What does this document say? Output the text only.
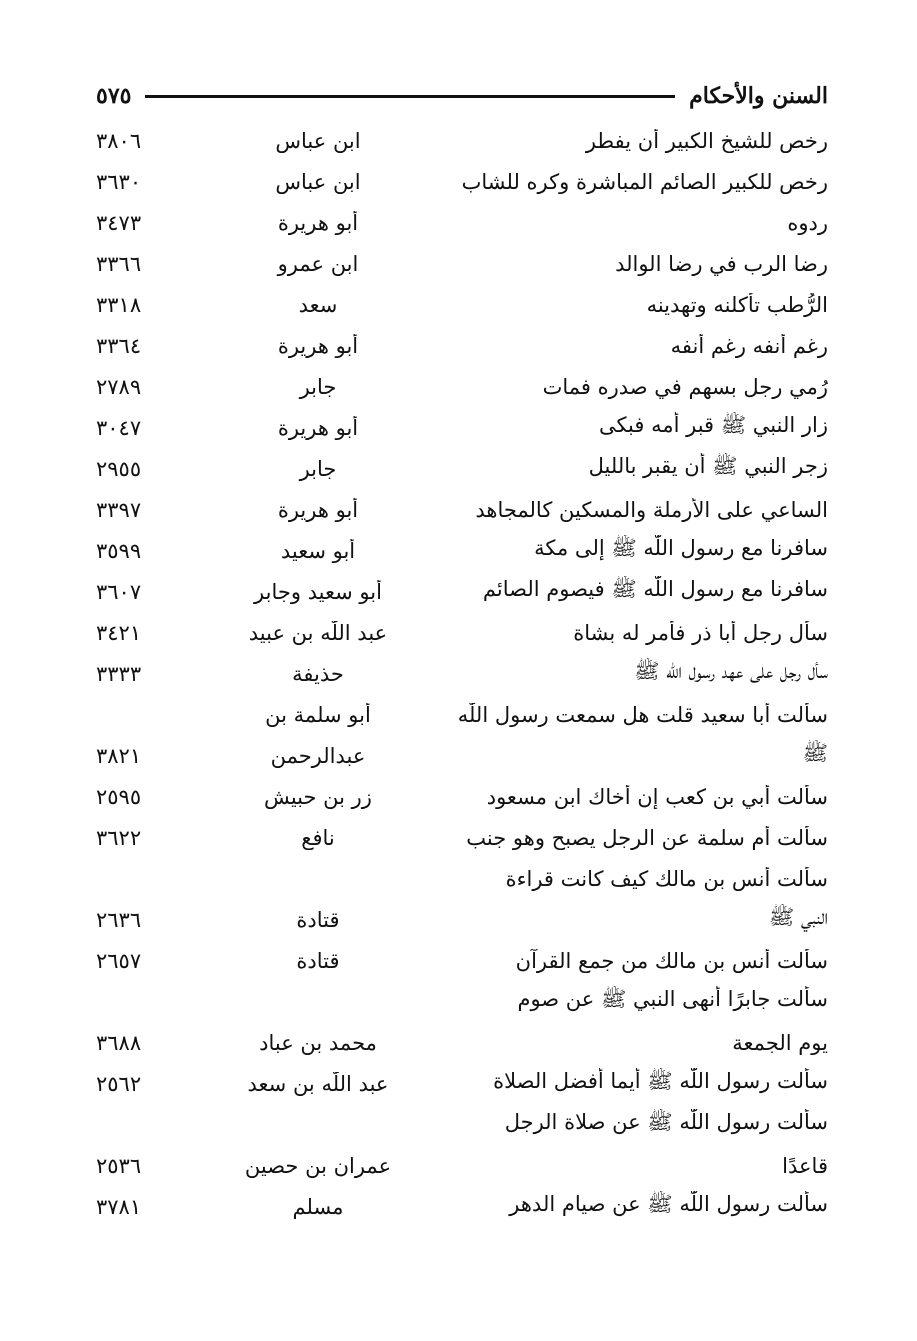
السنن والأحكام
٥٧٥
رخص للشيخ الكبير أن يفطر
ابن عباس
٣٨٠٦
رخص للكبير الصائم المباشرة وكره للشاب
ابن عباس
٣٦٣٠
ردوه
أبو هريرة
٣٤٧٣
رضا الرب في رضا الوالد
ابن عمرو
٣٣٦٦
الرُّطب تأكلنه وتهدينه
سعد
٣٣١٨
رغم أنفه رغم أنفه
أبو هريرة
٣٣٦٤
رُمي رجل بسهم في صدره فمات
جابر
٢٧٨٩
زار النبي ﷺ قبر أمه فبكى
أبو هريرة
٣٠٤٧
زجر النبي ﷺ أن يقبر بالليل
جابر
٢٩٥٥
الساعي على الأرملة والمسكين كالمجاهد
أبو هريرة
٣٣٩٧
سافرنا مع رسول اللّٰه ﷺ إلى مكة
أبو سعيد
٣٥٩٩
سافرنا مع رسول اللّٰه ﷺ فيصوم الصائم
أبو سعيد وجابر
٣٦٠٧
سأل رجل أبا ذر فأمر له بشاة
عبد اللّٰه بن عبيد
٣٤٢١
سأل رجل على عهد رسول اللّٰه ﷺ
حذيفة
٣٣٣٣
سألت أبا سعيد قلت هل سمعت رسول اللّٰه
أبو سلمة بن
ﷺ
عبدالرحمن
٣٨٢١
سألت أبي بن كعب إن أخاك ابن مسعود
زر بن حبيش
٢٥٩٥
سألت أم سلمة عن الرجل يصبح وهو جنب
نافع
٣٦٢٢
سألت أنس بن مالك كيف كانت قراءة
النبي ﷺ
قتادة
٢٦٣٦
سألت أنس بن مالك من جمع القرآن
قتادة
٢٦٥٧
سألت جابرًا أنهى النبي ﷺ عن صوم
يوم الجمعة
محمد بن عباد
٣٦٨٨
سألت رسول اللّٰه ﷺ أيما أفضل الصلاة
عبد اللّٰه بن سعد
٢٥٦٢
سألت رسول اللّٰه ﷺ عن صلاة الرجل
قاعدًا
عمران بن حصين
٢٥٣٦
سألت رسول اللّٰه ﷺ عن صيام الدهر
مسلم
٣٧٨١
